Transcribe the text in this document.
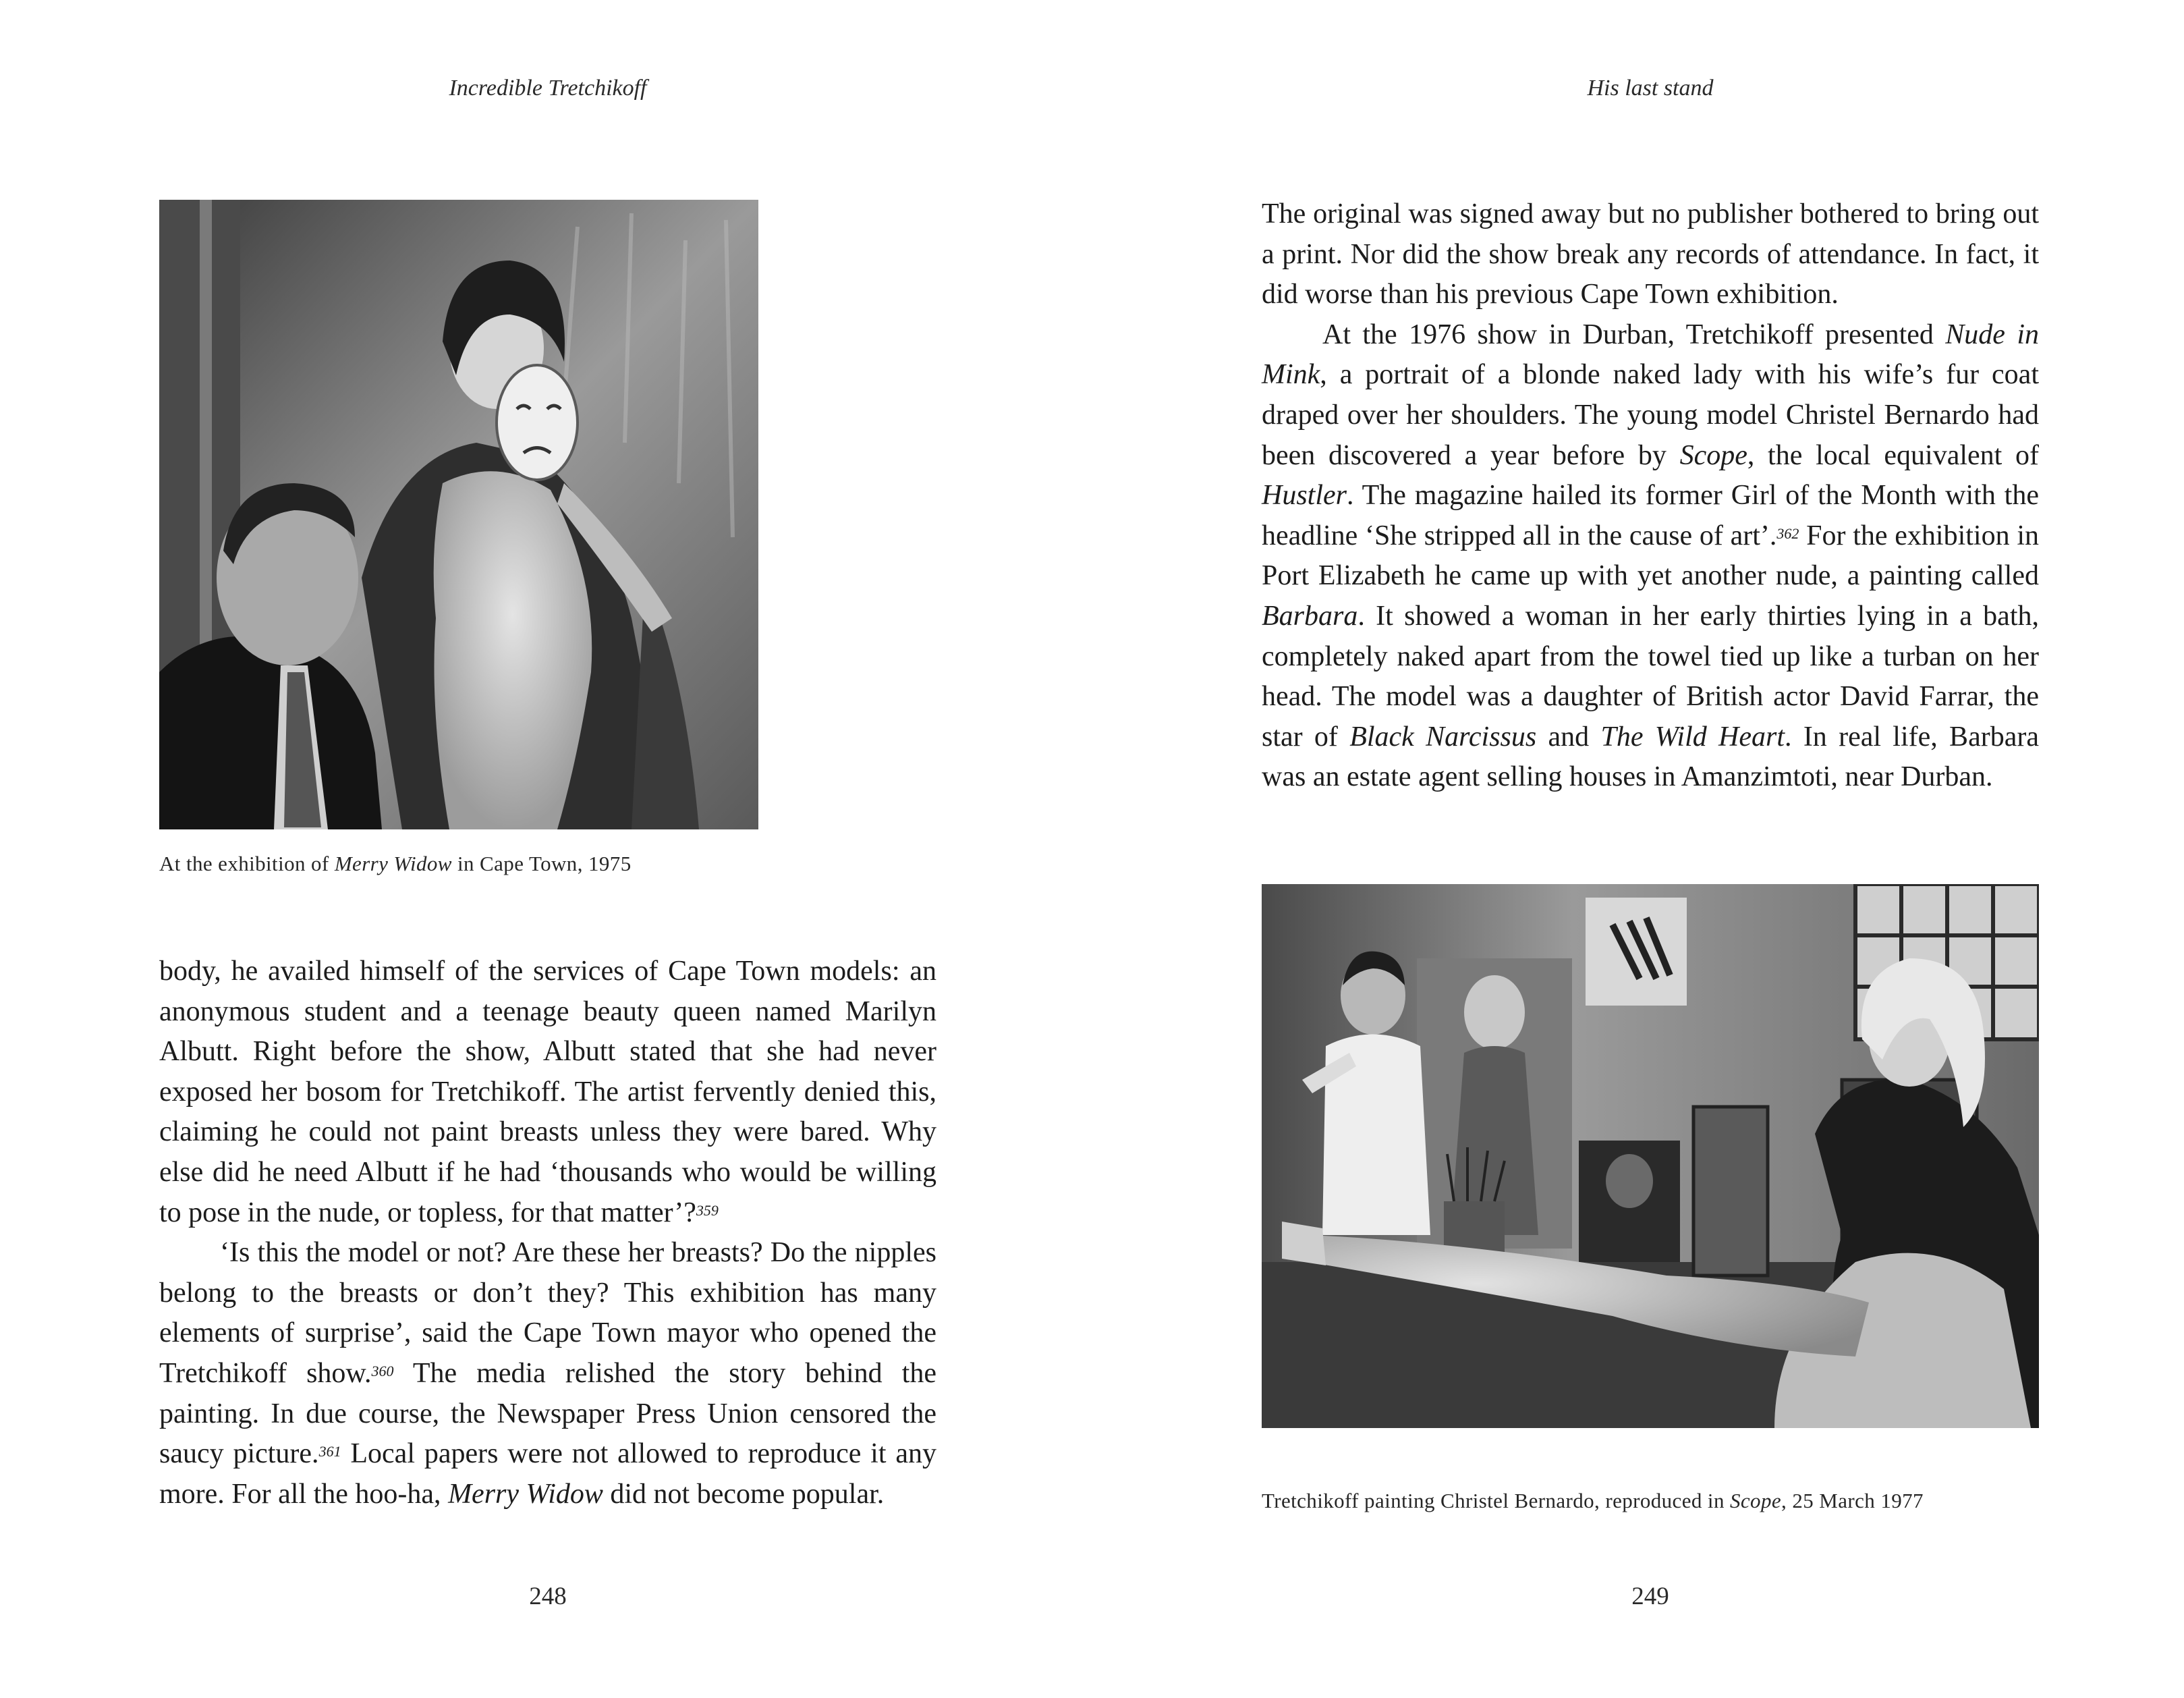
Incredible Tretchikoff
At the exhibition of Merry Widow in Cape Town, 1975

body, he availed himself of the services of Cape Town models: an anonymous student and a teenage beauty queen named Marilyn Albutt. Right before the show, Albutt stated that she had never exposed her bosom for Tretchikoff. The artist fervently denied this, claiming he could not paint breasts unless they were bared. Why else did he need Albutt if he had ‘thousands who would be willing to pose in the nude, or topless, for that matter’?$^{359}$

‘Is this the model or not? Are these her breasts? Do the nipples belong to the breasts or don’t they? This exhibition has many elements of surprise’, said the Cape Town mayor who opened the Tretchikoff show.$^{360}$ The media relished the story behind the painting. In due course, the Newspaper Press Union censored the saucy picture.$^{361}$ Local papers were not allowed to reproduce it any more. For all the hoo-ha, Merry Widow did not become popular.

248
His last stand

The original was signed away but no publisher bothered to bring out a print. Nor did the show break any records of attendance. In fact, it did worse than his previous Cape Town exhibition.

At the 1976 show in Durban, Tretchikoff presented Nude in Mink, a portrait of a blonde naked lady with his wife’s fur coat draped over her shoulders. The young model Christel Bernardo had been discovered a year before by Scope, the local equivalent of Hustler. The magazine hailed its former Girl of the Month with the headline ‘She stripped all in the cause of art’.$^{362}$ For the exhibition in Port Elizabeth he came up with yet another nude, a painting called Barbara. It showed a woman in her early thirties lying in a bath, completely naked apart from the towel tied up like a turban on her head. The model was a daughter of British actor David Farrar, the star of Black Narcissus and The Wild Heart. In real life, Barbara was an estate agent selling houses in Amanzimtoti, near Durban.

Tretchikoff painting Christel Bernardo, reproduced in Scope, 25 March 1977
249
